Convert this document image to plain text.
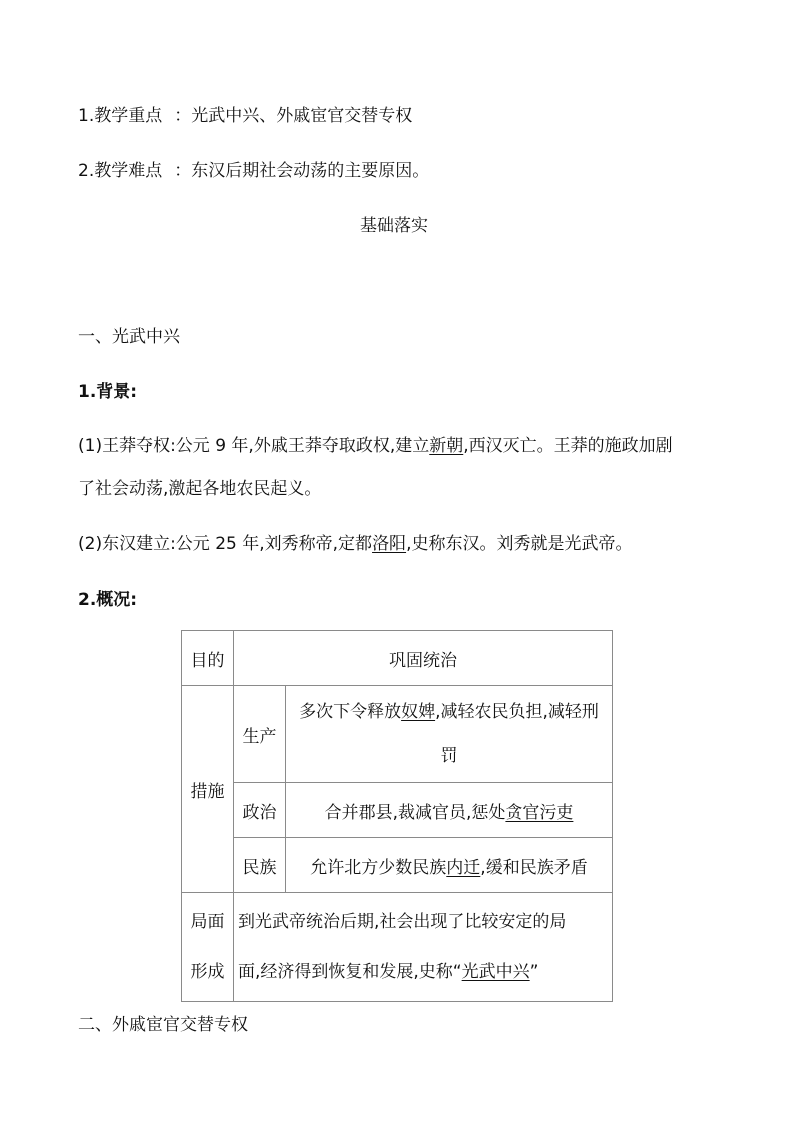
1.教学重点 ：光武中兴、外戚宦官交替专权
2.教学难点 ：东汉后期社会动荡的主要原因。
基础落实
一、光武中兴
1.背景:
(1)王莽夺权:公元 9 年,外戚王莽夺取政权,建立新朝,西汉灭亡。王莽的施政加剧
了社会动荡,激起各地农民起义。
(2)东汉建立:公元 25 年,刘秀称帝,定都洛阳,史称东汉。刘秀就是光武帝。
2.概况:
目的	巩固统治	
措施	生产	多次下令释放奴婢,减轻农民负担,减轻刑
罚
	政治	合并郡县,裁减官员,惩处贪官污吏
	民族	允许北方少数民族内迁,缓和民族矛盾
局面
形成	到光武帝统治后期,社会出现了比较安定的局
面,经济得到恢复和发展,史称“光武中兴”	
二、外戚宦官交替专权
